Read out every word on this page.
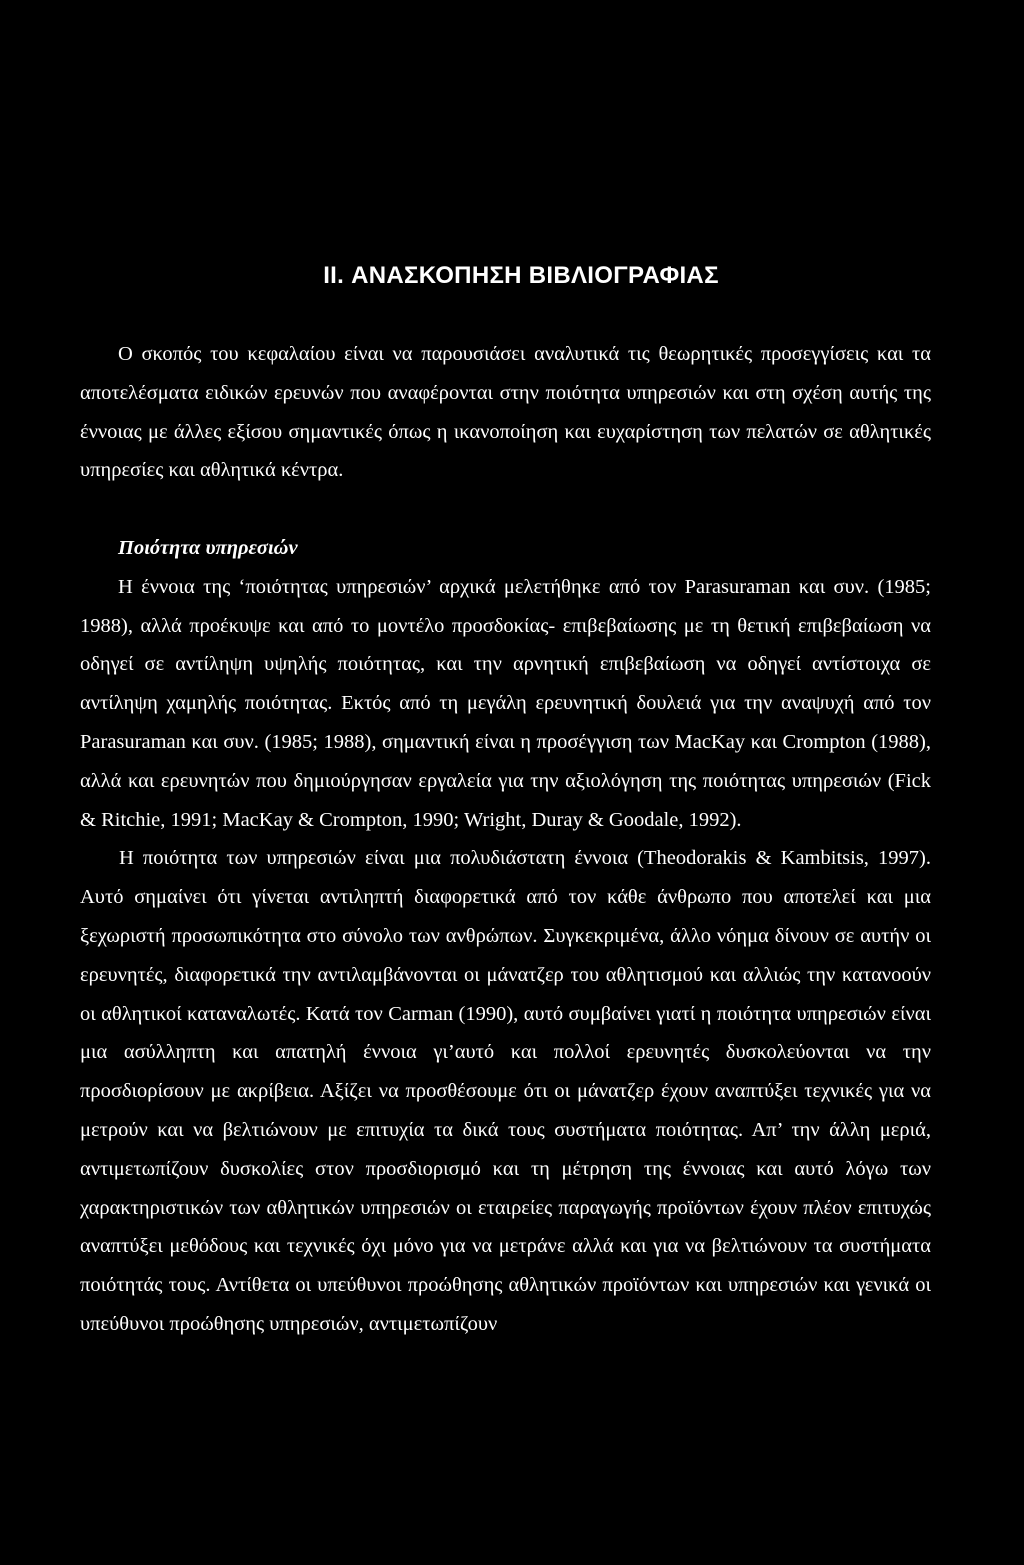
II. ΑΝΑΣΚΟΠΗΣΗ ΒΙΒΛΙΟΓΡΑΦΙΑΣ

Ο σκοπός του κεφαλαίου είναι να παρουσιάσει αναλυτικά τις θεωρητικές προσεγγίσεις και τα αποτελέσματα ειδικών ερευνών που αναφέρονται στην ποιότητα υπηρεσιών και στη σχέση αυτής της έννοιας με άλλες εξίσου σημαντικές όπως η ικανοποίηση και ευχαρίστηση των πελατών σε αθλητικές υπηρεσίες και αθλητικά κέντρα.

Ποιότητα υπηρεσιών

Η έννοια της ‘ποιότητας υπηρεσιών’ αρχικά μελετήθηκε από τον Parasuraman και συν. (1985; 1988), αλλά προέκυψε και από το μοντέλο προσδοκίας- επιβεβαίωσης με τη θετική επιβεβαίωση να οδηγεί σε αντίληψη υψηλής ποιότητας, και την αρνητική επιβεβαίωση να οδηγεί αντίστοιχα σε αντίληψη χαμηλής ποιότητας. Εκτός από τη μεγάλη ερευνητική δουλειά για την αναψυχή από τον Parasuraman και συν. (1985; 1988), σημαντική είναι η προσέγγιση των MacKay και Crompton (1988), αλλά και ερευνητών που δημιούργησαν εργαλεία για την αξιολόγηση της ποιότητας υπηρεσιών (Fick & Ritchie, 1991; MacKay & Crompton, 1990; Wright, Duray & Goodale, 1992).

Η ποιότητα των υπηρεσιών είναι μια πολυδιάστατη έννοια (Theodorakis & Kambitsis, 1997). Αυτό σημαίνει ότι γίνεται αντιληπτή διαφορετικά από τον κάθε άνθρωπο που αποτελεί και μια ξεχωριστή προσωπικότητα στο σύνολο των ανθρώπων. Συγκεκριμένα, άλλο νόημα δίνουν σε αυτήν οι ερευνητές, διαφορετικά την αντιλαμβάνονται οι μάνατζερ του αθλητισμού και αλλιώς την κατανοούν οι αθλητικοί καταναλωτές. Κατά τον Carman (1990), αυτό συμβαίνει γιατί η ποιότητα υπηρεσιών είναι μια ασύλληπτη και απατηλή έννοια γι’αυτό και πολλοί ερευνητές δυσκολεύονται να την προσδιορίσουν με ακρίβεια. Αξίζει να προσθέσουμε ότι οι μάνατζερ έχουν αναπτύξει τεχνικές για να μετρούν και να βελτιώνουν με επιτυχία τα δικά τους συστήματα ποιότητας. Απ’ την άλλη μεριά, αντιμετωπίζουν δυσκολίες στον προσδιορισμό και τη μέτρηση της έννοιας και αυτό λόγω των χαρακτηριστικών των αθλητικών υπηρεσιών οι εταιρείες παραγωγής προϊόντων έχουν πλέον επιτυχώς αναπτύξει μεθόδους και τεχνικές όχι μόνο για να μετράνε αλλά και για να βελτιώνουν τα συστήματα ποιότητάς τους. Αντίθετα οι υπεύθυνοι προώθησης αθλητικών προϊόντων και υπηρεσιών και γενικά οι υπεύθυνοι προώθησης υπηρεσιών, αντιμετωπίζουν
